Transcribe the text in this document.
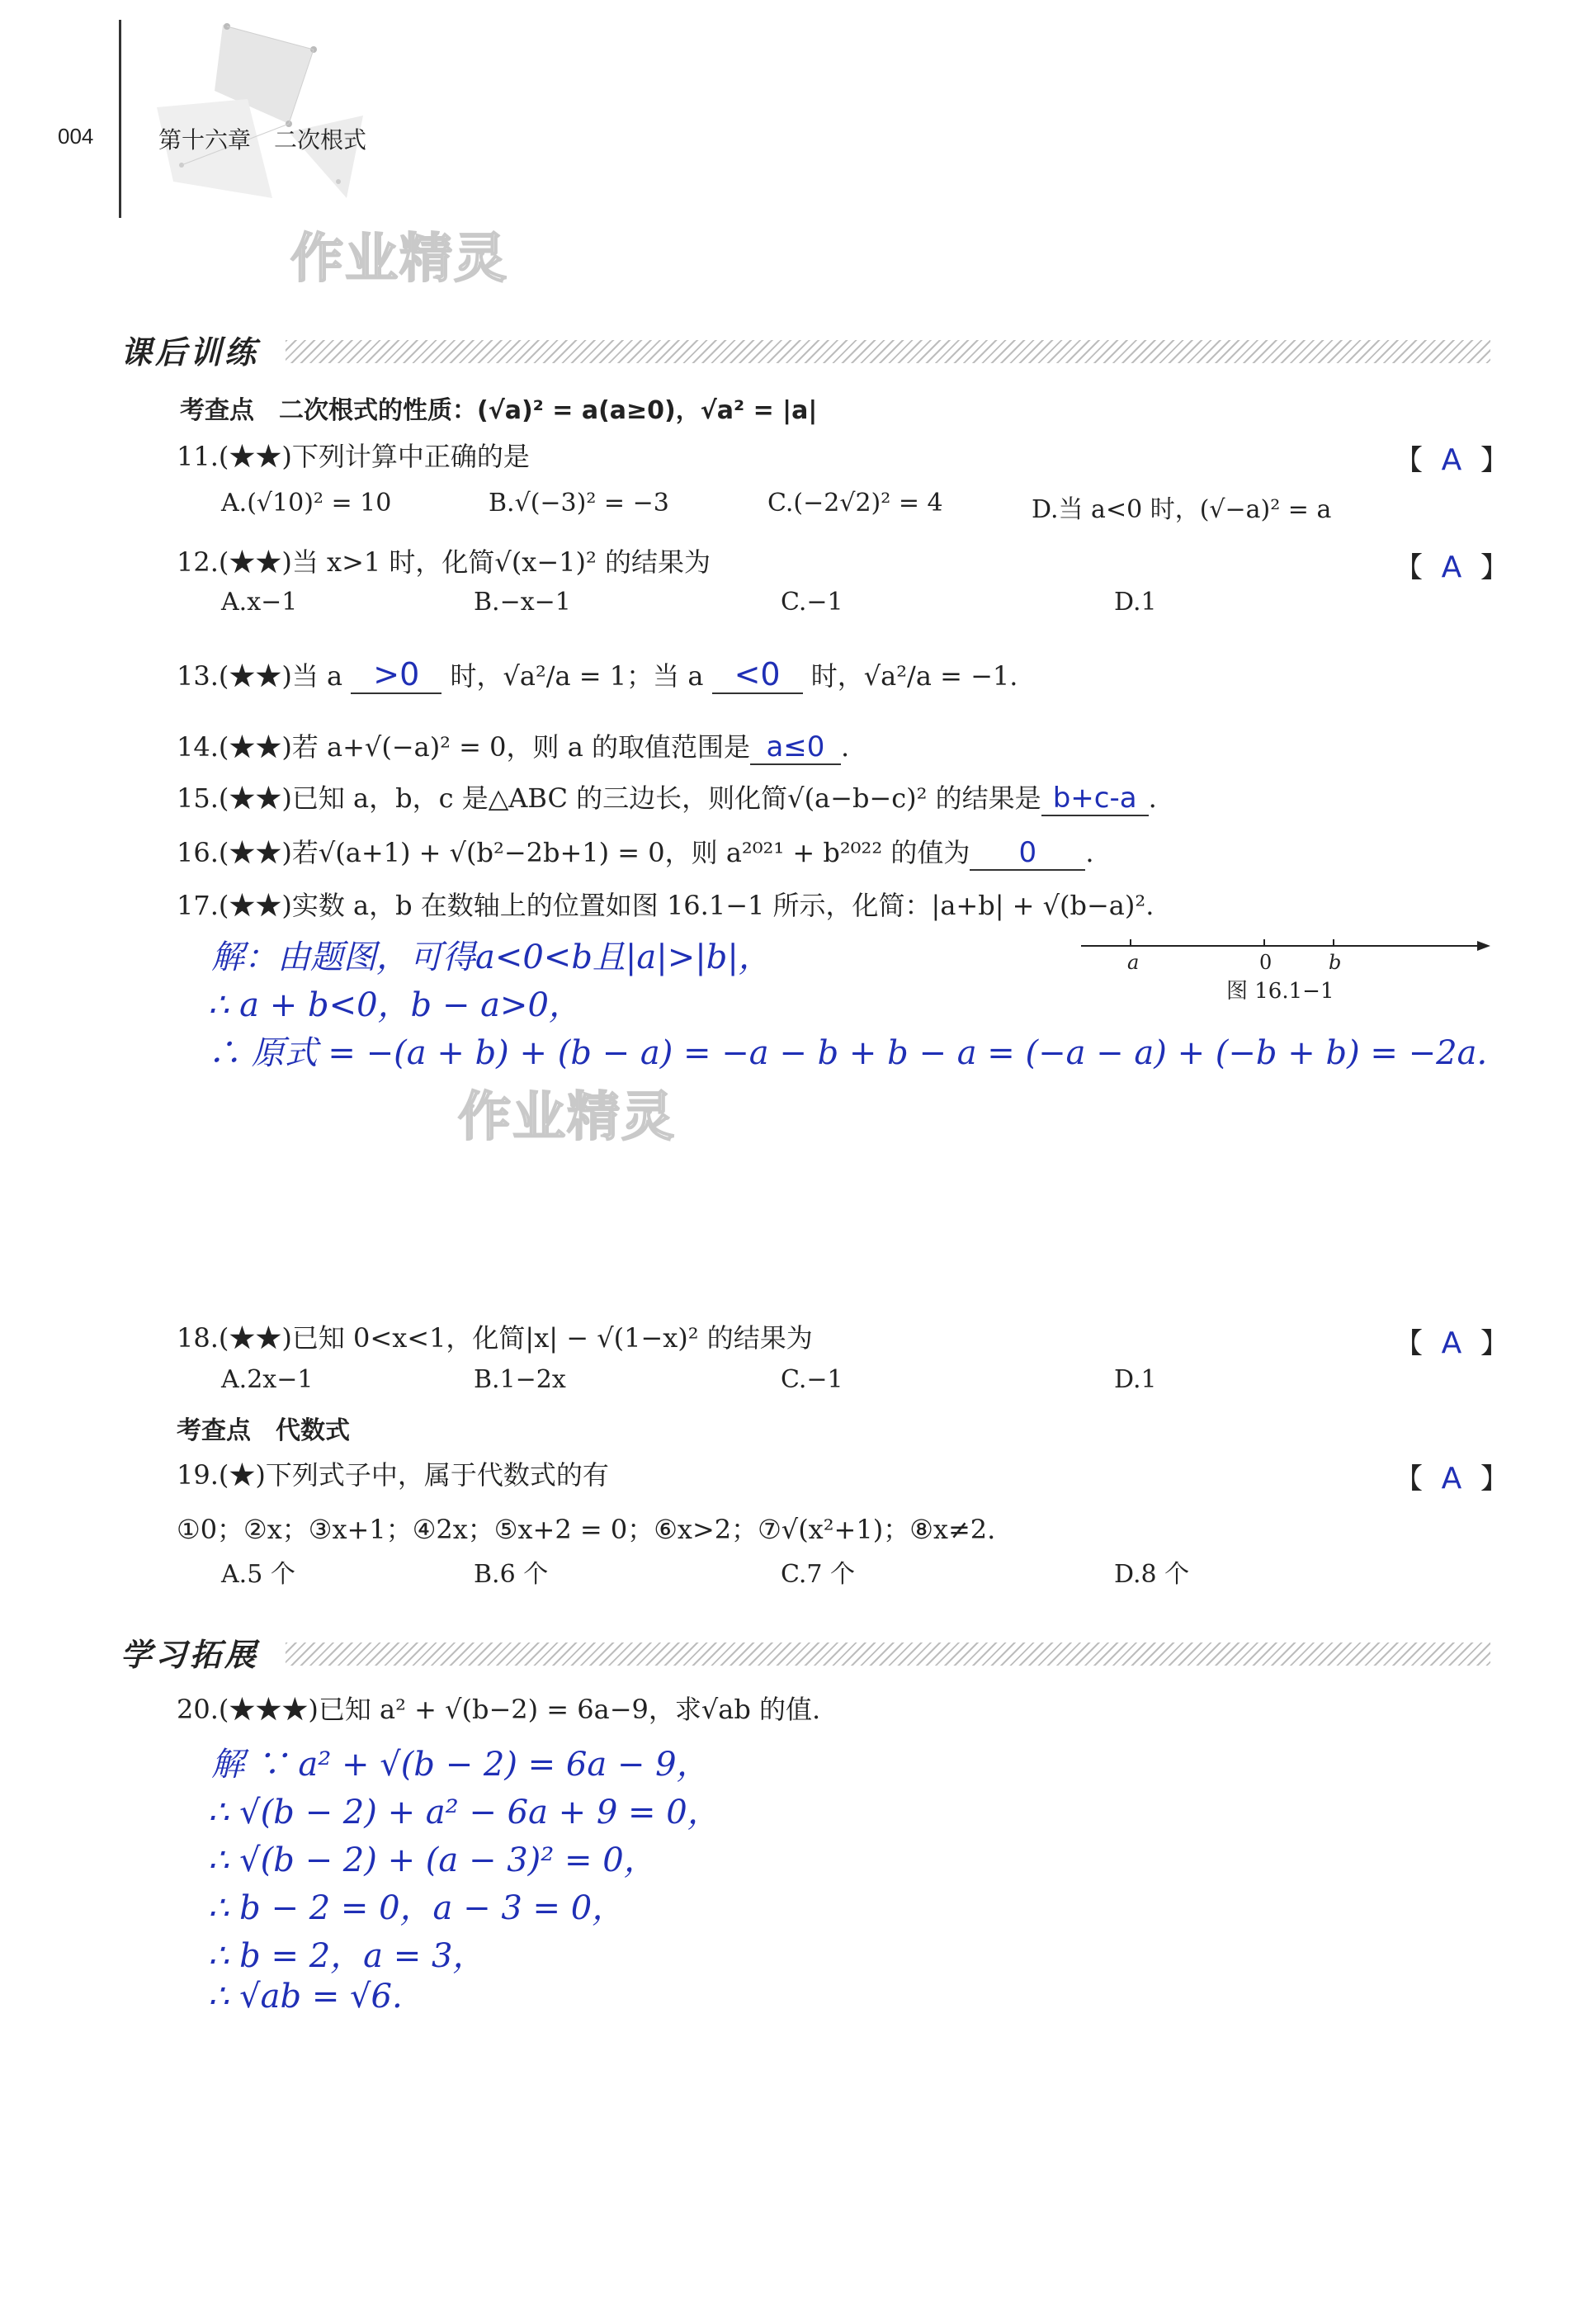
004	第十六章　二次根式
作业精灵
课后训练
考查点　二次根式的性质：(√a)² = a(a≥0)，√a² = |a|
11.(★★)下列计算中正确的是	【 A 】
A.(√10)² = 10	B.√(−3)² = −3	C.(−2√2)² = 4	D.当 a<0 时，(√−a)² = a
12.(★★)当 x>1 时，化简√(x−1)² 的结果为	【 A 】
A.x−1	B.−x−1	C.−1	D.1
13.(★★)当 a >0 时，√a²/a = 1；当 a <0 时，√a²/a = −1.
14.(★★)若 a+√(−a)² = 0，则 a 的取值范围是 a≤0 .
15.(★★)已知 a，b，c 是△ABC 的三边长，则化简√(a−b−c)² 的结果是 b+c-a .
16.(★★)若√(a+1) + √(b²−2b+1) = 0，则 a²⁰²¹ + b²⁰²² 的值为 0 .
17.(★★)实数 a，b 在数轴上的位置如图 16.1−1 所示，化简：|a+b| + √(b−a)².
解：由题图，可得a<0<b且|a|>|b|，
∴ a + b<0，b − a>0，
∴ 原式 = −(a + b) + (b − a) = −a − b + b − a = (−a − a) + (−b + b) = −2a.
a	0	b
图 16.1−1
作业精灵
18.(★★)已知 0<x<1，化简|x| − √(1−x)² 的结果为	【 A 】
A.2x−1	B.1−2x	C.−1	D.1
考查点　代数式
19.(★)下列式子中，属于代数式的有	【 A 】
①0；②x；③x+1；④2x；⑤x+2 = 0；⑥x>2；⑦√(x²+1)；⑧x≠2.
A.5 个	B.6 个	C.7 个	D.8 个
学习拓展
20.(★★★)已知 a² + √(b−2) = 6a−9，求√ab 的值.
解 ∵ a² + √(b − 2) = 6a − 9，
∴ √(b − 2) + a² − 6a + 9 = 0，
∴ √(b − 2) + (a − 3)² = 0，
∴ b − 2 = 0，a − 3 = 0，
∴ b = 2，a = 3，
∴ √ab = √6.
